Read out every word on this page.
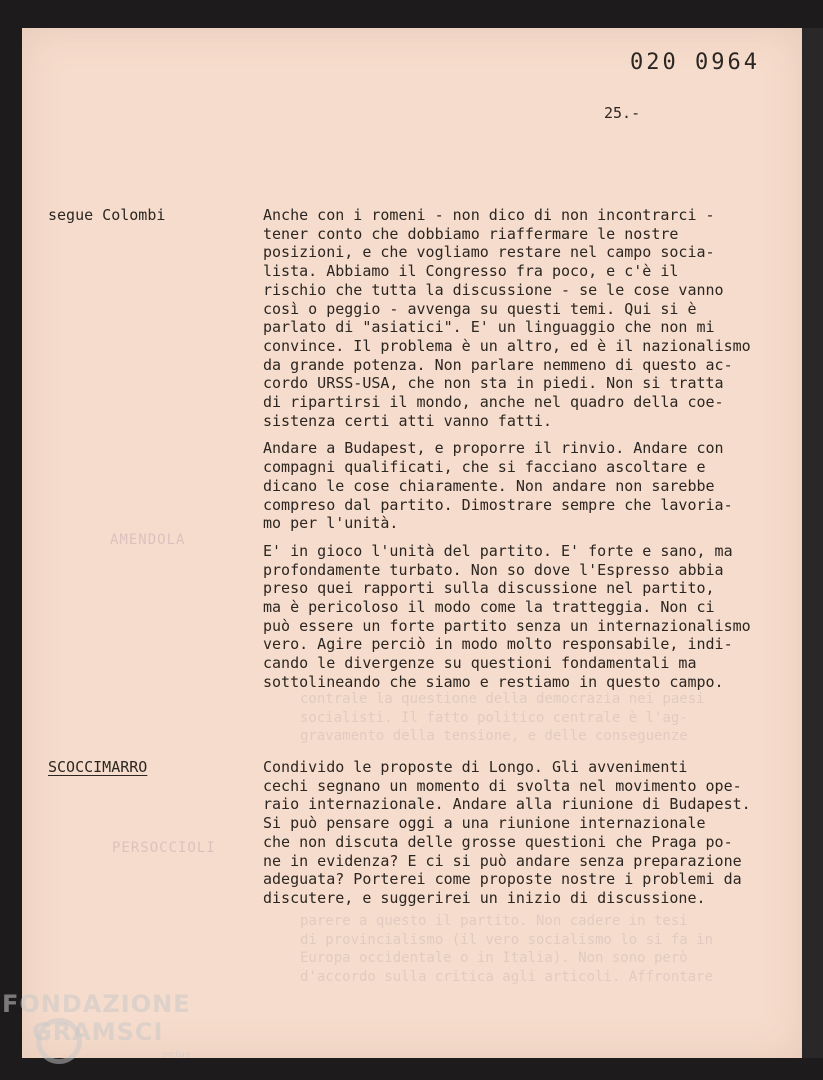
AMENDOLA
PERSOCCIOLI
contrale la questione della democrazia nei paesi
socialisti. Il fatto politico centrale è l'ag-
gravamento della tensione, e delle conseguenze
parere a questo il partito. Non cadere in tesi
di provincialismo (il vero socialismo lo si fa in
Europa occidentale o in Italia). Non sono però
d'accordo sulla critica agli articoli. Affrontare
020 0964
25.-
segue Colombi	Anche con i romeni - non dico di non incontrarci -
tener conto che dobbiamo riaffermare le nostre
posizioni, e che vogliamo restare nel campo socia-
lista. Abbiamo il Congresso fra poco, e c'è il
rischio che tutta la discussione - se le cose vanno
così o peggio - avvenga su questi temi. Qui si è
parlato di "asiatici". E' un linguaggio che non mi
convince. Il problema è un altro, ed è il nazionalismo
da grande potenza. Non parlare nemmeno di questo ac-
cordo URSS-USA, che non sta in piedi. Non si tratta
di ripartirsi il mondo, anche nel quadro della coe-
sistenza certi atti vanno fatti.

Andare a Budapest, e proporre il rinvio. Andare con
compagni qualificati, che si facciano ascoltare e
dicano le cose chiaramente. Non andare non sarebbe
compreso dal partito. Dimostrare sempre che lavoria-
mo per l'unità.

E' in gioco l'unità del partito. E' forte e sano, ma
profondamente turbato. Non so dove l'Espresso abbia
preso quei rapporti sulla discussione nel partito,
ma è pericoloso il modo come la tratteggia. Non ci
può essere un forte partito senza un internazionalismo
vero. Agire perciò in modo molto responsabile, indi-
cando le divergenze su questioni fondamentali ma
sottolineando che siamo e restiamo in questo campo.

SCOCCIMARRO	Condivido le proposte di Longo. Gli avvenimenti
cechi segnano un momento di svolta nel movimento ope-
raio internazionale. Andare alla riunione di Budapest.
Si può pensare oggi a una riunione internazionale
che non discuta delle grosse questioni che Praga po-
ne in evidenza? E ci si può andare senza preparazione
adeguata? Porterei come proposte nostre i problemi da
discutere, e suggerirei un inizio di discussione.

FONDAZIONE
GRAMSCI
onlus
